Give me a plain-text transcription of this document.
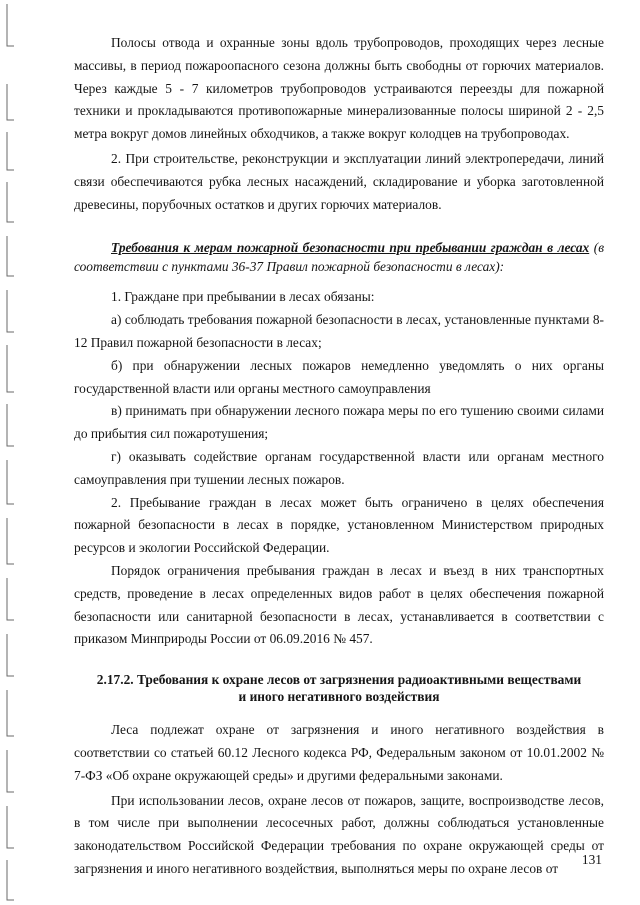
Полосы отвода и охранные зоны вдоль трубопроводов, проходящих через лесные массивы, в период пожароопасного сезона должны быть свободны от горючих материалов. Через каждые 5 - 7 километров трубопроводов устраиваются переезды для пожарной техники и прокладываются противопожарные минерализованные полосы шириной 2 - 2,5 метра вокруг домов линейных обходчиков, а также вокруг колодцев на трубопроводах.

2. При строительстве, реконструкции и эксплуатации линий электропередачи, линий связи обеспечиваются рубка лесных насаждений, складирование и уборка заготовленной древесины, порубочных остатков и других горючих материалов.

Требования к мерам пожарной безопасности при пребывании граждан в лесах (в соответствии с пунктами 36-37 Правил пожарной безопасности в лесах):

1. Граждане при пребывании в лесах обязаны:

а) соблюдать требования пожарной безопасности в лесах, установленные пунктами 8-12 Правил пожарной безопасности в лесах;

б) при обнаружении лесных пожаров немедленно уведомлять о них органы государственной власти или органы местного самоуправления

в) принимать при обнаружении лесного пожара меры по его тушению своими силами до прибытия сил пожаротушения;

г) оказывать содействие органам государственной власти или органам местного самоуправления при тушении лесных пожаров.

2. Пребывание граждан в лесах может быть ограничено в целях обеспечения пожарной безопасности в лесах в порядке, установленном Министерством природных ресурсов и экологии Российской Федерации.

Порядок ограничения пребывания граждан в лесах и въезд в них транспортных средств, проведение в лесах определенных видов работ в целях обеспечения пожарной безопасности или санитарной безопасности в лесах, устанавливается в соответствии с приказом Минприроды России от 06.09.2016 № 457.

2.17.2. Требования к охране лесов от загрязнения радиоактивными веществами
и иного негативного воздействия

Леса подлежат охране от загрязнения и иного негативного воздействия в соответствии со статьей 60.12 Лесного кодекса РФ, Федеральным законом от 10.01.2002 № 7-ФЗ «Об охране окружающей среды» и другими федеральными законами.

При использовании лесов, охране лесов от пожаров, защите, воспроизводстве лесов, в том числе при выполнении лесосечных работ, должны соблюдаться установленные законодательством Российской Федерации требования по охране окружающей среды от загрязнения и иного негативного воздействия, выполняться меры по охране лесов от

131
